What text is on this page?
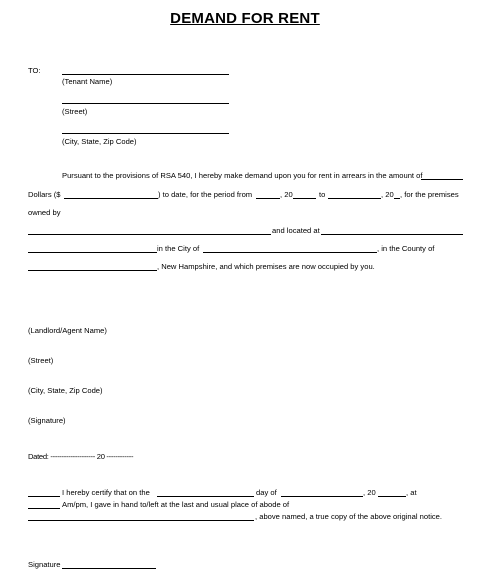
DEMAND FOR RENT
TO:
(Tenant Name)
(Street)
(City, State, Zip Code)
Pursuant to the provisions of RSA 540, I hereby make demand upon you for rent in arrears in the amount of
Dollars ($	) to date, for the period from	, 20	to	, 20 , for the premises
owned by
and located at
in the City of	, in the County of
, New Hampshire, and which premises are now occupied by you.
(Landlord/Agent Name)
(Street)
(City, State, Zip Code)
(Signature)
Dated: -------------------- 20 ------------
I hereby certify that on the	day of	, 20	, at
Am/pm, I gave in hand to/left at the last and usual place of abode of
, above named, a true copy of the above original notice.
Signature
